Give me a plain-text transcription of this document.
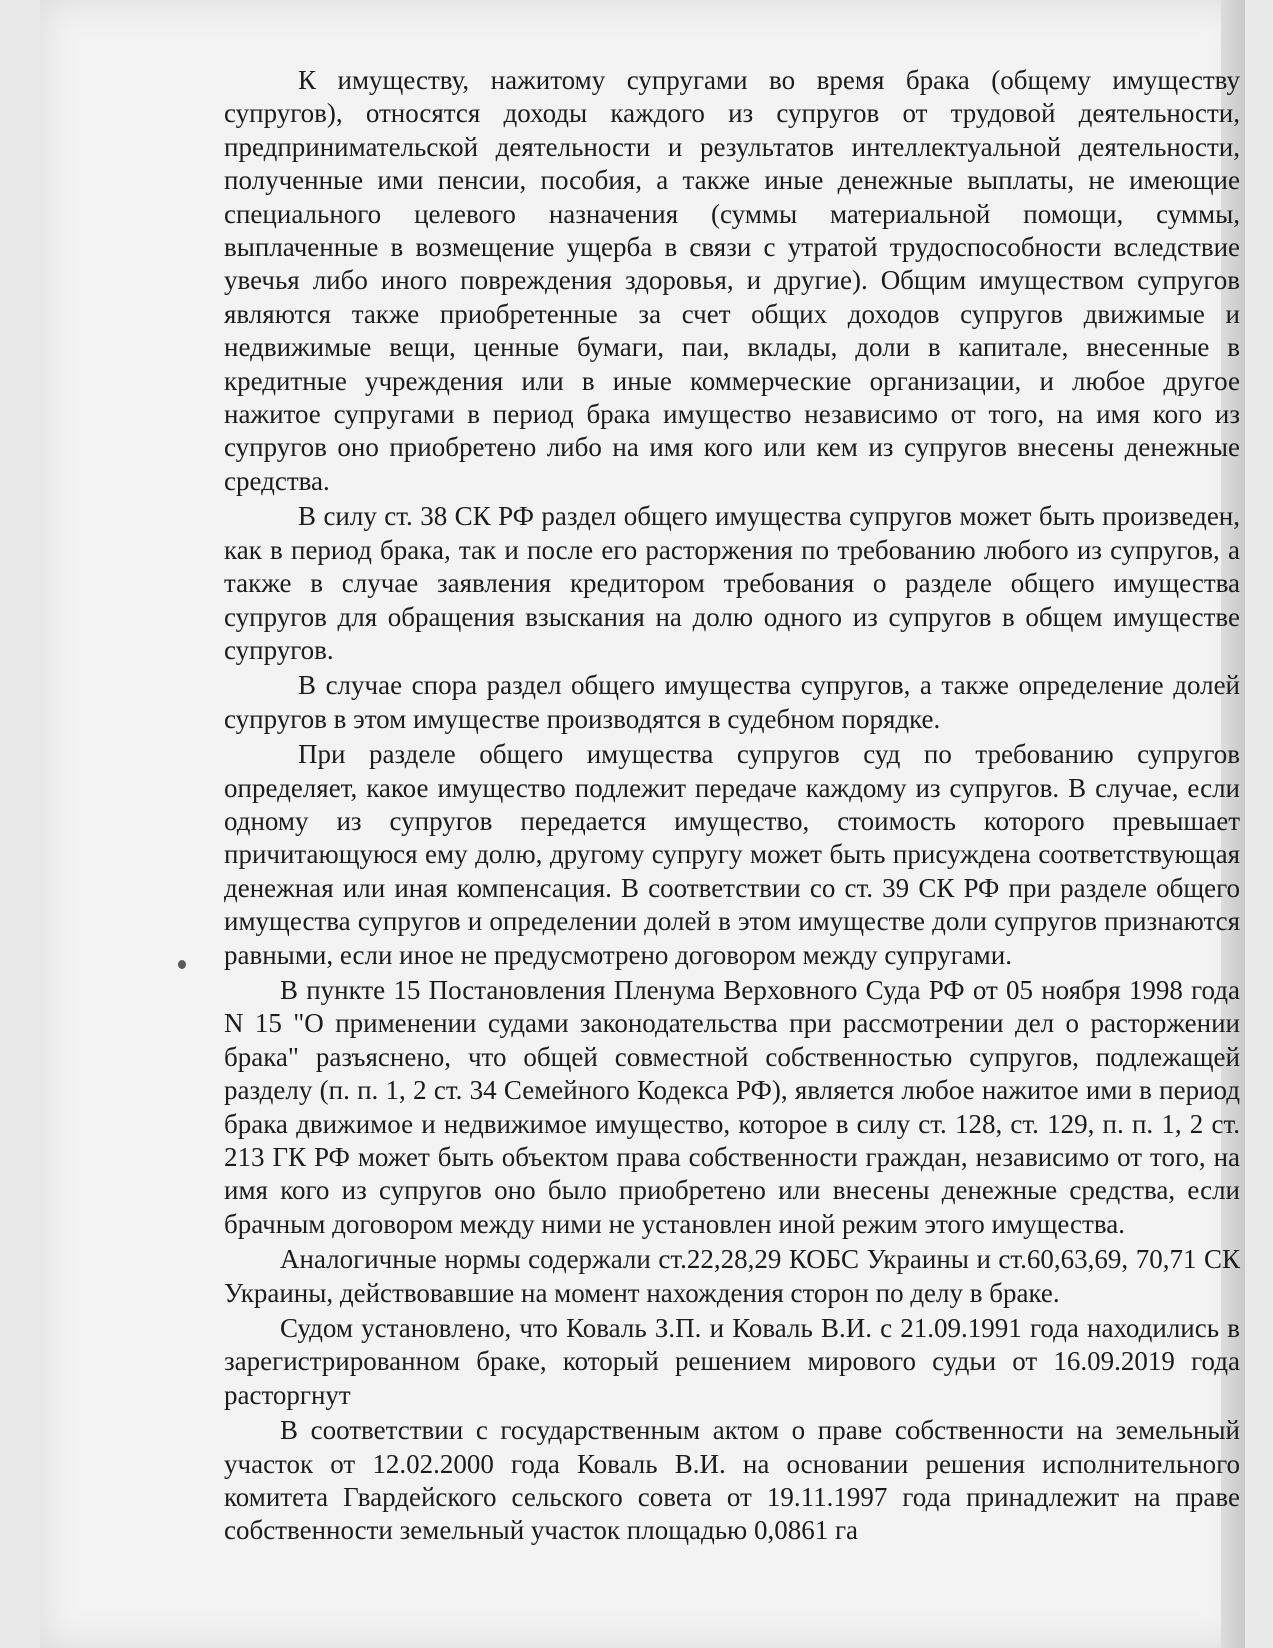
К имуществу, нажитому супругами во время брака (общему имуществу супругов), относятся доходы каждого из супругов от трудовой деятельности, предпринимательской деятельности и результатов интеллектуальной деятельности, полученные ими пенсии, пособия, а также иные денежные выплаты, не имеющие специального целевого назначения (суммы материальной помощи, суммы, выплаченные в возмещение ущерба в связи с утратой трудоспособности вследствие увечья либо иного повреждения здоровья, и другие). Общим имуществом супругов являются также приобретенные за счет общих доходов супругов движимые и недвижимые вещи, ценные бумаги, паи, вклады, доли в капитале, внесенные в кредитные учреждения или в иные коммерческие организации, и любое другое нажитое супругами в период брака имущество независимо от того, на имя кого из супругов оно приобретено либо на имя кого или кем из супругов внесены денежные средства.

В силу ст. 38 СК РФ раздел общего имущества супругов может быть произведен, как в период брака, так и после его расторжения по требованию любого из супругов, а также в случае заявления кредитором требования о разделе общего имущества супругов для обращения взыскания на долю одного из супругов в общем имуществе супругов.

В случае спора раздел общего имущества супругов, а также определение долей супругов в этом имуществе производятся в судебном порядке.

При разделе общего имущества супругов суд по требованию супругов определяет, какое имущество подлежит передаче каждому из супругов. В случае, если одному из супругов передается имущество, стоимость которого превышает причитающуюся ему долю, другому супругу может быть присуждена соответствующая денежная или иная компенсация. В соответствии со ст. 39 СК РФ при разделе общего имущества супругов и определении долей в этом имуществе доли супругов признаются равными, если иное не предусмотрено договором между супругами.

В пункте 15 Постановления Пленума Верховного Суда РФ от 05 ноября 1998 года N 15 "О применении судами законодательства при рассмотрении дел о расторжении брака" разъяснено, что общей совместной собственностью супругов, подлежащей разделу (п. п. 1, 2 ст. 34 Семейного Кодекса РФ), является любое нажитое ими в период брака движимое и недвижимое имущество, которое в силу ст. 128, ст. 129, п. п. 1, 2 ст. 213 ГК РФ может быть объектом права собственности граждан, независимо от того, на имя кого из супругов оно было приобретено или внесены денежные средства, если брачным договором между ними не установлен иной режим этого имущества.

Аналогичные нормы содержали ст.22,28,29 КОБС Украины и ст.60,63,69, 70,71 СК Украины, действовавшие на момент нахождения сторон по делу в браке.

Судом установлено, что Коваль З.П. и Коваль В.И. с 21.09.1991 года находились в зарегистрированном браке, который решением мирового судьи от 16.09.2019 года расторгнут

В соответствии с государственным актом о праве собственности на земельный участок от 12.02.2000 года Коваль В.И. на основании решения исполнительного комитета Гвардейского сельского совета от 19.11.1997 года принадлежит на праве собственности земельный участок площадью 0,0861 га
